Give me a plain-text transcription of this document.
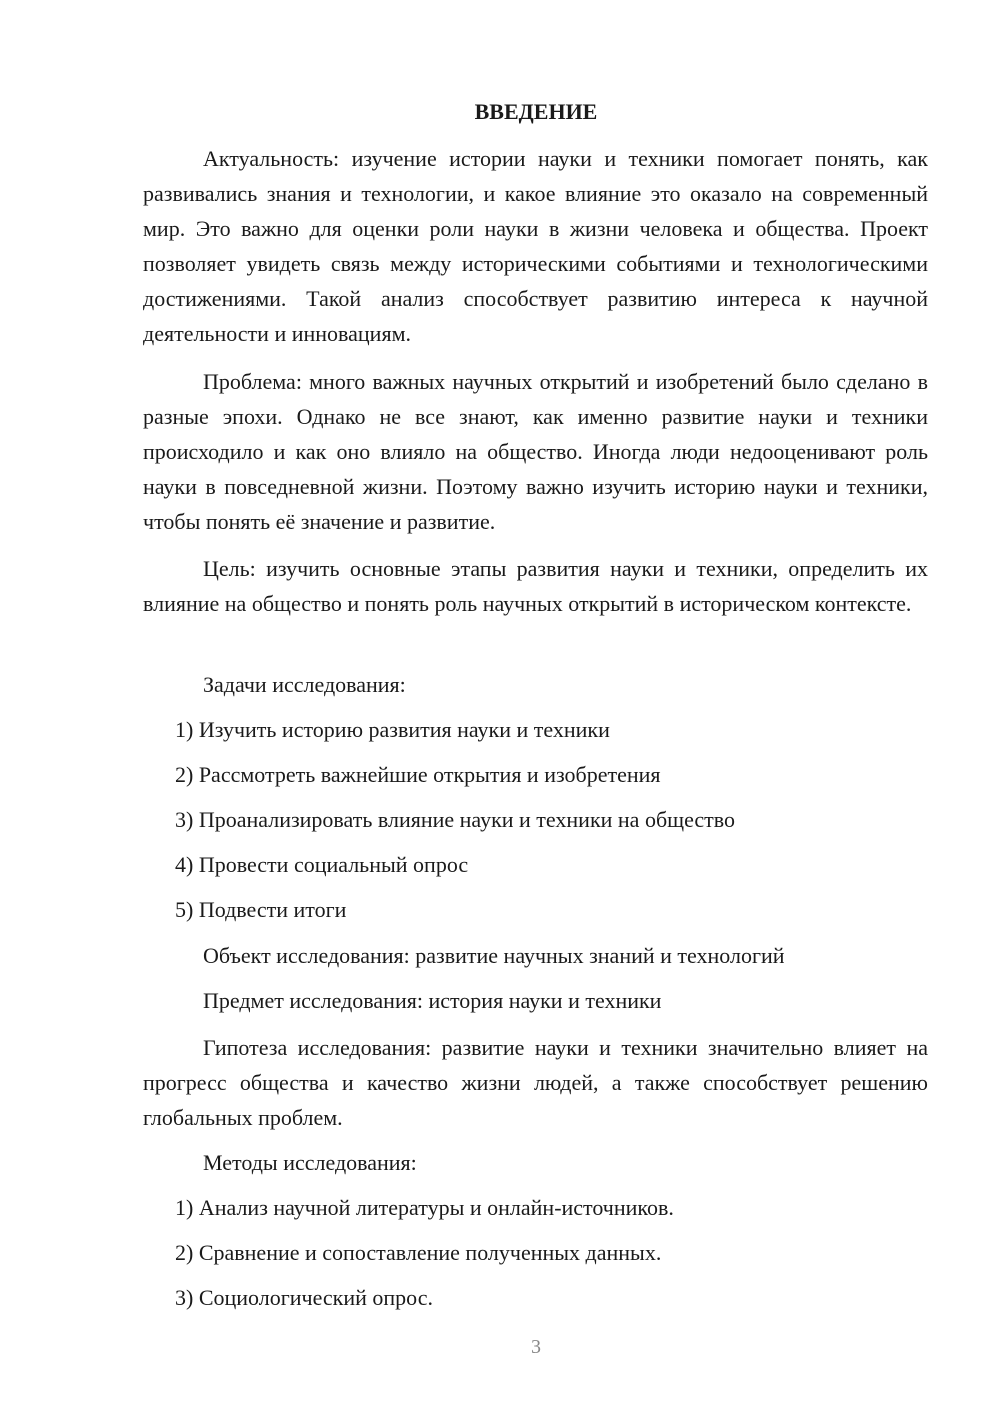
ВВЕДЕНИЕ

Актуальность: изучение истории науки и техники помогает понять, как развивались знания и технологии, и какое влияние это оказало на современный мир. Это важно для оценки роли науки в жизни человека и общества. Проект позволяет увидеть связь между историческими событиями и технологическими достижениями. Такой анализ способствует развитию интереса к научной деятельности и инновациям.

Проблема: много важных научных открытий и изобретений было сделано в разные эпохи. Однако не все знают, как именно развитие науки и техники происходило и как оно влияло на общество. Иногда люди недооценивают роль науки в повседневной жизни. Поэтому важно изучить историю науки и техники, чтобы понять её значение и развитие.

Цель: изучить основные этапы развития науки и техники, определить их влияние на общество и понять роль научных открытий в историческом контексте.

Задачи исследования:

1) Изучить историю развития науки и техники

2) Рассмотреть важнейшие открытия и изобретения

3) Проанализировать влияние науки и техники на общество

4) Провести социальный опрос

5) Подвести итоги

Объект исследования: развитие научных знаний и технологий

Предмет исследования: история науки и техники

Гипотеза исследования: развитие науки и техники значительно влияет на прогресс общества и качество жизни людей, а также способствует решению глобальных проблем.

Методы исследования:

1) Анализ научной литературы и онлайн-источников.

2) Сравнение и сопоставление полученных данных.

3) Социологический опрос.

3
